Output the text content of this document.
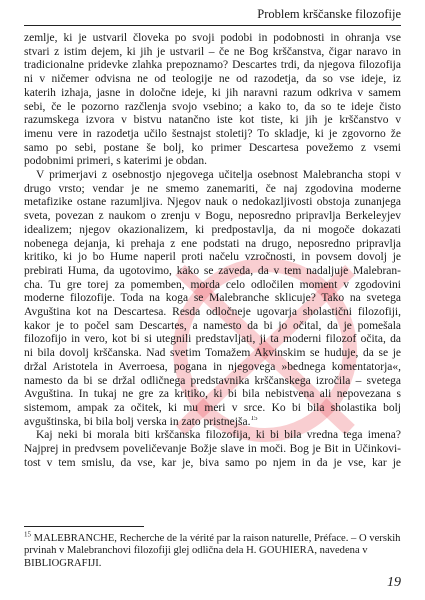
Problem krščanske filozofije
zemlje, ki je ustvaril človeka po svoji podobi in podobnosti in ohranja vse
stvari z istim dejem, ki jih je ustvaril – če ne Bog krščanstva, čigar naravo in
tradicionalne pridevke zlahka prepoznamo? Descartes trdi, da njegova filozofija
ni v ničemer odvisna ne od teologije ne od razodetja, da so vse ideje, iz
katerih izhaja, jasne in določne ideje, ki jih naravni razum odkriva v samem
sebi, če le pozorno razčlenja svojo vsebino; a kako to, da so te ideje čisto
razumskega izvora v bistvu natančno iste kot tiste, ki jih je krščanstvo v
imenu vere in razodetja učilo šestnajst stoletij? To skladje, ki je zgovorno že
samo po sebi, postane še bolj, ko primer Descartesa povežemo z vsemi
podobnimi primeri, s katerimi je obdan.
V primerjavi z osebnostjo njegovega učitelja osebnost Malebrancha stopi v
drugo vrsto; vendar je ne smemo zanemariti, če naj zgodovina moderne
metafizike ostane razumljiva. Njegov nauk o nedokazljivosti obstoja zunanjega
sveta, povezan z naukom o zrenju v Bogu, neposredno pripravlja Berkeleyjev
idealizem; njegov okazionalizem, ki predpostavlja, da ni mogoče dokazati
nobenega dejanja, ki prehaja z ene podstati na drugo, neposredno pripravlja
kritiko, ki jo bo Hume naperil proti načelu vzročnosti, in povsem dovolj je
prebirati Huma, da ugotovimo, kako se zaveda, da v tem nadaljuje Malebran-
cha. Tu gre torej za pomemben, morda celo odločilen moment v zgodovini
moderne filozofije. Toda na koga se Malebranche sklicuje? Tako na svetega
Avguština kot na Descartesa. Resda odločneje ugovarja sholastični filozofiji,
kakor je to počel sam Descartes, a namesto da bi jo očital, da je pomešala
filozofijo in vero, kot bi si utegnili predstavljati, ji ta moderni filozof očita, da
ni bila dovolj krščanska. Nad svetim Tomažem Akvinskim se huduje, da se je
držal Aristotela in Averroesa, pogana in njegovega »bednega komentatorja«,
namesto da bi se držal odličnega predstavnika krščanskega izročila – svetega
Avguština. In tukaj ne gre za kritiko, ki bi bila nebistvena ali nepovezana s
sistemom, ampak za očitek, ki mu meri v srce. Ko bi bila sholastika bolj
avguštinska, bi bila bolj verska in zato pristnejša.$^{15}$
Kaj neki bi morala biti krščanska filozofija, ki bi bila vredna tega imena?
Najprej in predvsem poveličevanje Božje slave in moči. Bog je Bit in Učinkovi-
tost v tem smislu, da vse, kar je, biva samo po njem in da je vse, kar je
$^{15}$ MALEBRANCHE, Recherche de la vérité par la raison naturelle, Préface. – O verskih prvinah v Malebranchovi filozofiji glej odlična dela H. GOUHIERA, navedena v BIBLIOGRAFIJI.
19
